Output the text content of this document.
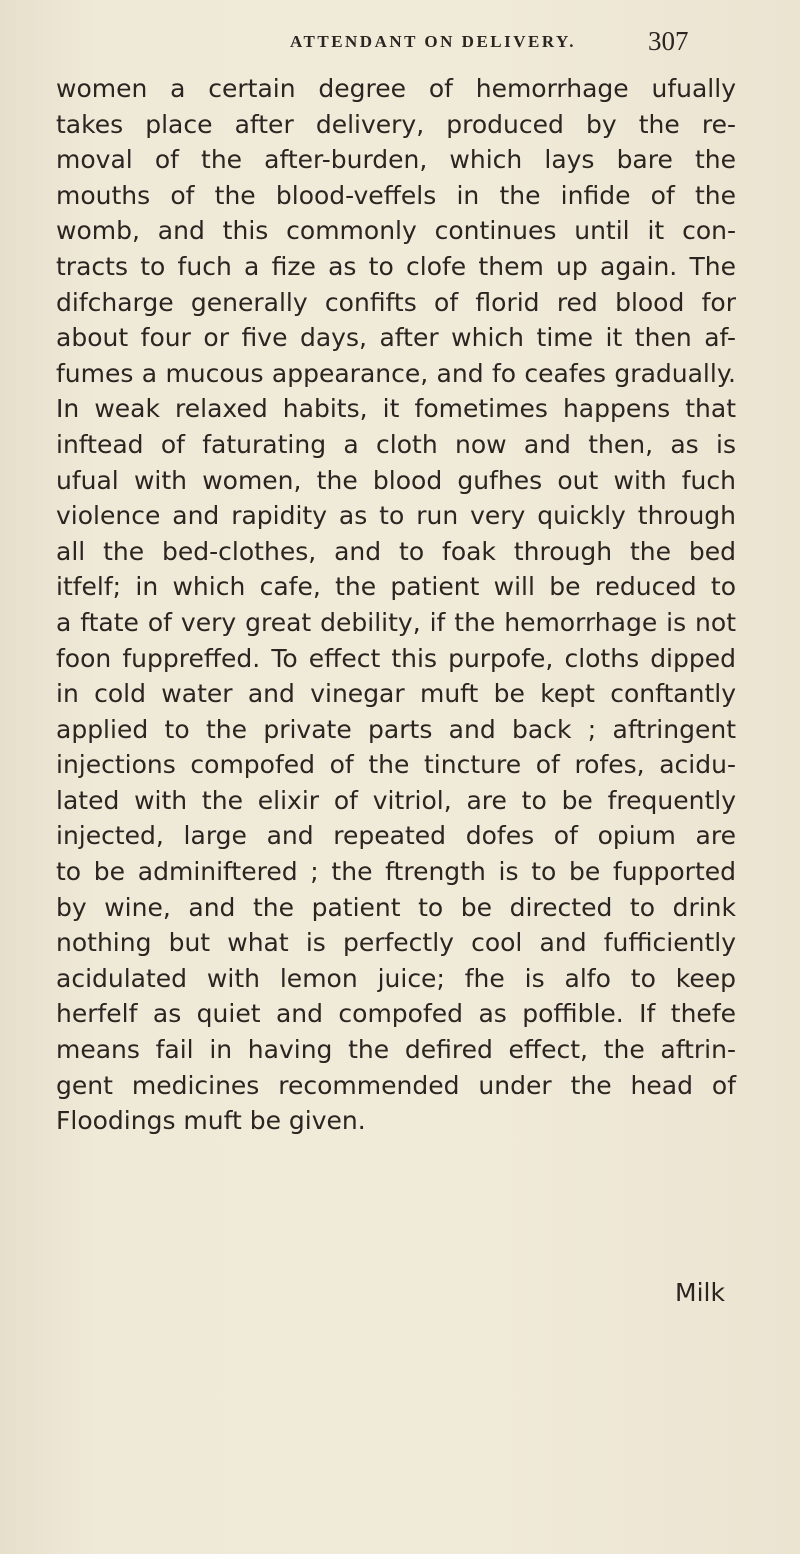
ATTENDANT ON DELIVERY.	307
women a certain degree of hemorrhage ufually
takes place after delivery, produced by the re-
moval of the after-burden, which lays bare the
mouths of the blood-veffels in the infide of the
womb, and this commonly continues until it con-
tracts to fuch a fize as to clofe them up again. The
difcharge generally confifts of florid red blood for
about four or five days, after which time it then af-
fumes a mucous appearance, and fo ceafes gradually.
In weak relaxed habits, it fometimes happens that
inftead of faturating a cloth now and then, as is
ufual with women, the blood gufhes out with fuch
violence and rapidity as to run very quickly through
all the bed-clothes, and to foak through the bed
itfelf; in which cafe, the patient will be reduced to
a ftate of very great debility, if the hemorrhage is not
foon fuppreffed. To effect this purpofe, cloths dipped
in cold water and vinegar muft be kept conftantly
applied to the private parts and back ; aftringent
injections compofed of the tincture of rofes, acidu-
lated with the elixir of vitriol, are to be frequently
injected, large and repeated dofes of opium are
to be adminiftered ; the ftrength is to be fupported
by wine, and the patient to be directed to drink
nothing but what is perfectly cool and fufficiently
acidulated with lemon juice; fhe is alfo to keep
herfelf as quiet and compofed as poffible. If thefe
means fail in having the defired effect, the aftrin-
gent medicines recommended under the head of
Floodings muft be given.
Milk
